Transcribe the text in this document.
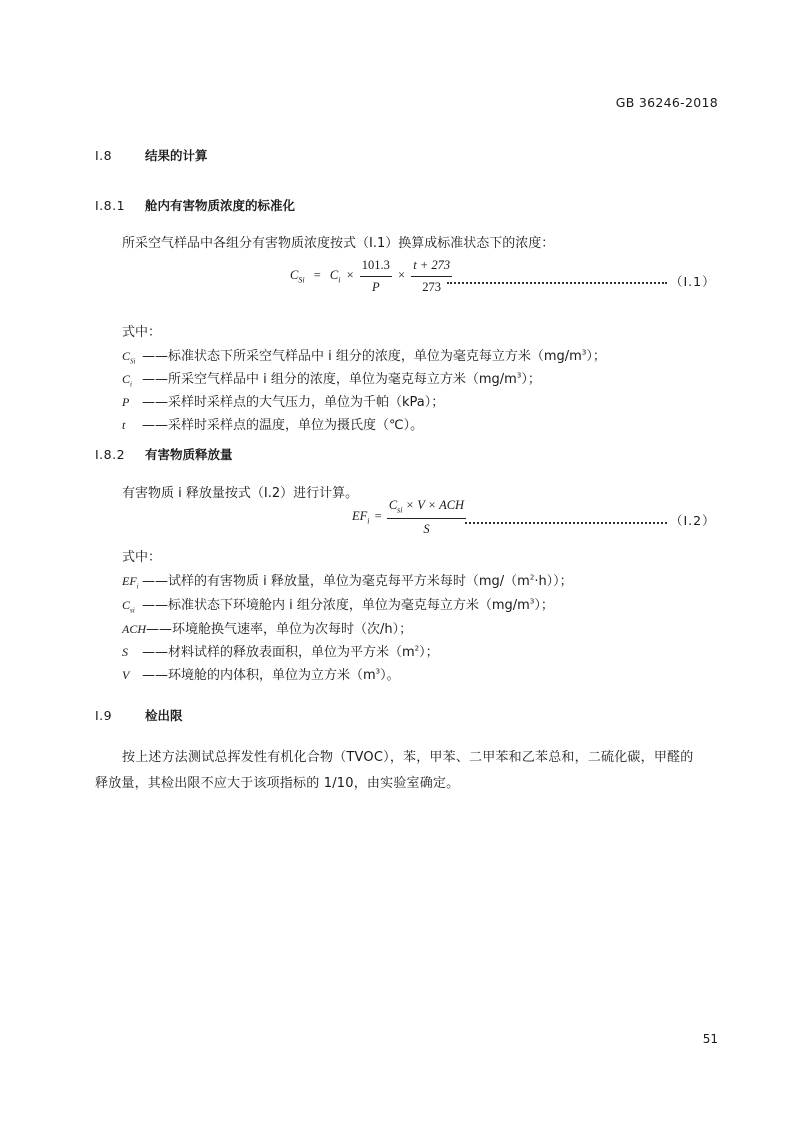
GB 36246-2018
I.8	结果的计算
I.8.1 舱内有害物质浓度的标准化
所采空气样品中各组分有害物质浓度按式（I.1）换算成标准状态下的浓度：
$C_{Si} = C_i \times \frac{101.3}{P} \times \frac{t + 273}{273}$	（I.1）
式中：
$C_{Si}$ ——标准状态下所采空气样品中 i 组分的浓度，单位为毫克每立方米$(mg/m^3)$；
$C_i$ ——所采空气样品中 i 组分的浓度，单位为毫克每立方米$(mg/m^3)$；
P ——采样时采样点的大气压力，单位为千帕（kPa）；
t ——采样时采样点的温度，单位为摄氏度（℃）。
I.8.2 有害物质释放量
有害物质 i 释放量按式（I.2）进行计算。
$EF_i = \frac{C_{si} \times V \times ACH}{S}$	（I.2）
式中：
$EF_i$ ——试样的有害物质 i 释放量，单位为毫克每平方米每时$(mg/(m^2\cdot h))$；
$C_{si}$ ——标准状态下环境舱内 i 组分浓度，单位为毫克每立方米$(mg/m^3)$；
ACH——环境舱换气速率，单位为次每时（次/h）；
S ——材料试样的释放表面积，单位为平方米$(m^2)$；
V ——环境舱的内体积，单位为立方米$(m^3)$。
I.9	检出限
按上述方法测试总挥发性有机化合物（TVOC），苯，甲苯、二甲苯和乙苯总和，二硫化碳，甲醛的
释放量，其检出限不应大于该项指标的 1/10，由实验室确定。
51
